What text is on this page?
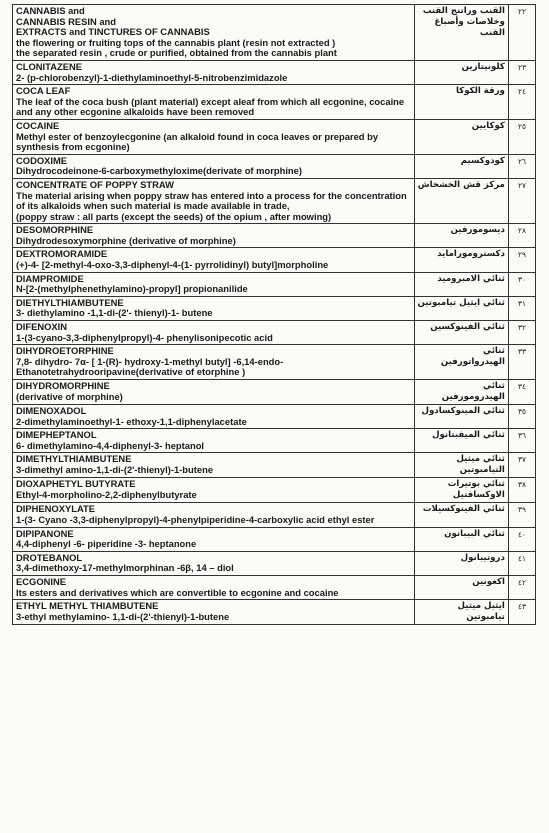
CANNABIS and
CANNABIS RESIN and
EXTRACTS and TINCTURES OF CANNABIS
the flowering or fruiting tops of the cannabis plant (resin not extracted )
the separated resin , crude or purified, obtained from the cannabis plant	القنب وراتنج القنب وخلاصات وأصباغ القنب	٢٢

CLONITAZENE
2- (p-chlorobenzyl)-1-diethylaminoethyl-5-nitrobenzimidazole	كلونيتازين	٢٣

COCA LEAF
The leaf of the coca bush (plant material) except aleaf from which all ecgonine, cocaine and any other ecgonine alkaloids have been removed	ورقة الكوكا	٢٤

COCAINE
Methyl ester of benzoylecgonine (an alkaloid found in coca leaves or prepared by synthesis from ecgonine)	كوكايين	٢٥

CODOXIME
Dihydrocodeinone-6-carboxymethyloxime(derivate of morphine)	كودوكسيم	٢٦

CONCENTRATE OF POPPY STRAW
The material arising when poppy straw has entered into a process for the concentration of its alkaloids when such material is made available in trade,
(poppy straw : all parts (except the seeds) of the opium , after mowing)	مركز قش الخشخاش	٢٧

DESOMORPHINE
Dihydrodesoxymorphine (derivative of morphine)	ديسومورفين	٢٨

DEXTROMORAMIDE
(+)-4- [2-methyl-4-oxo-3,3-diphenyl-4-(1- pyrrolidinyl) butyl]morpholine	دكسترومورامايد	٢٩

DIAMPROMIDE
N-[2-(methylphenethylamino)-propyl] propionanilide	ثنائي الامبروميد	٣٠

DIETHYLTHIAMBUTENE
3- diethylamino -1,1-di-(2'- thienyl)-1- butene	ثنائي ايثيل تيامبوتين	٣١

DIFENOXIN
1-(3-cyano-3,3-diphenylpropyl)-4- phenylisonipecotic acid	ثنائي الفينوكسين	٣٢

DIHYDROETORPHINE
7,8- dihydro- 7α- [ 1-(R)- hydroxy-1-methyl butyl] -6,14-endo- Ethanotetrahydrooripavine(derivative of etorphine )	ثنائي الهيدرواتورفين	٣٣

DIHYDROMORPHINE
(derivative of morphine)	ثنائي الهيدرومورفين	٣٤

DIMENOXADOL
2-dimethylaminoethyl-1- ethoxy-1,1-diphenylacetate	ثنائي المينوكسادول	٣٥

DIMEPHEPTANOL
6- dimethylamino-4,4-diphenyl-3- heptanol	ثنائي الميفبتانول	٣٦

DIMETHYLTHIAMBUTENE
3-dimethyl amino-1,1-di-(2'-thienyl)-1-butene	ثنائي ميثيل التيامبوتين	٣٧

DIOXAPHETYL BUTYRATE
Ethyl-4-morpholino-2,2-diphenylbutyrate	ثنائي بوتيرات الاوكسافتيل	٣٨

DIPHENOXYLATE
1-(3- Cyano -3,3-diphenylpropyl)-4-phenylpiperidine-4-carboxylic acid ethyl ester	ثنائي الفينوكسيلات	٣٩

DIPIPANONE
4,4-diphenyl -6- piperidine -3- heptanone	ثنائي البيبانون	٤٠

DROTEBANOL
3,4-dimethoxy-17-methylmorphinan -6β, 14 – diol	دروتيبانول	٤١

ECGONINE
Its esters and derivatives which are convertible to ecgonine and cocaine	اكغونين	٤٢

ETHYL METHYL THIAMBUTENE
3-ethyl methylamino- 1,1-di-(2'-thienyl)-1-butene	ايثيل ميثيل تيامبوتين	٤٣
